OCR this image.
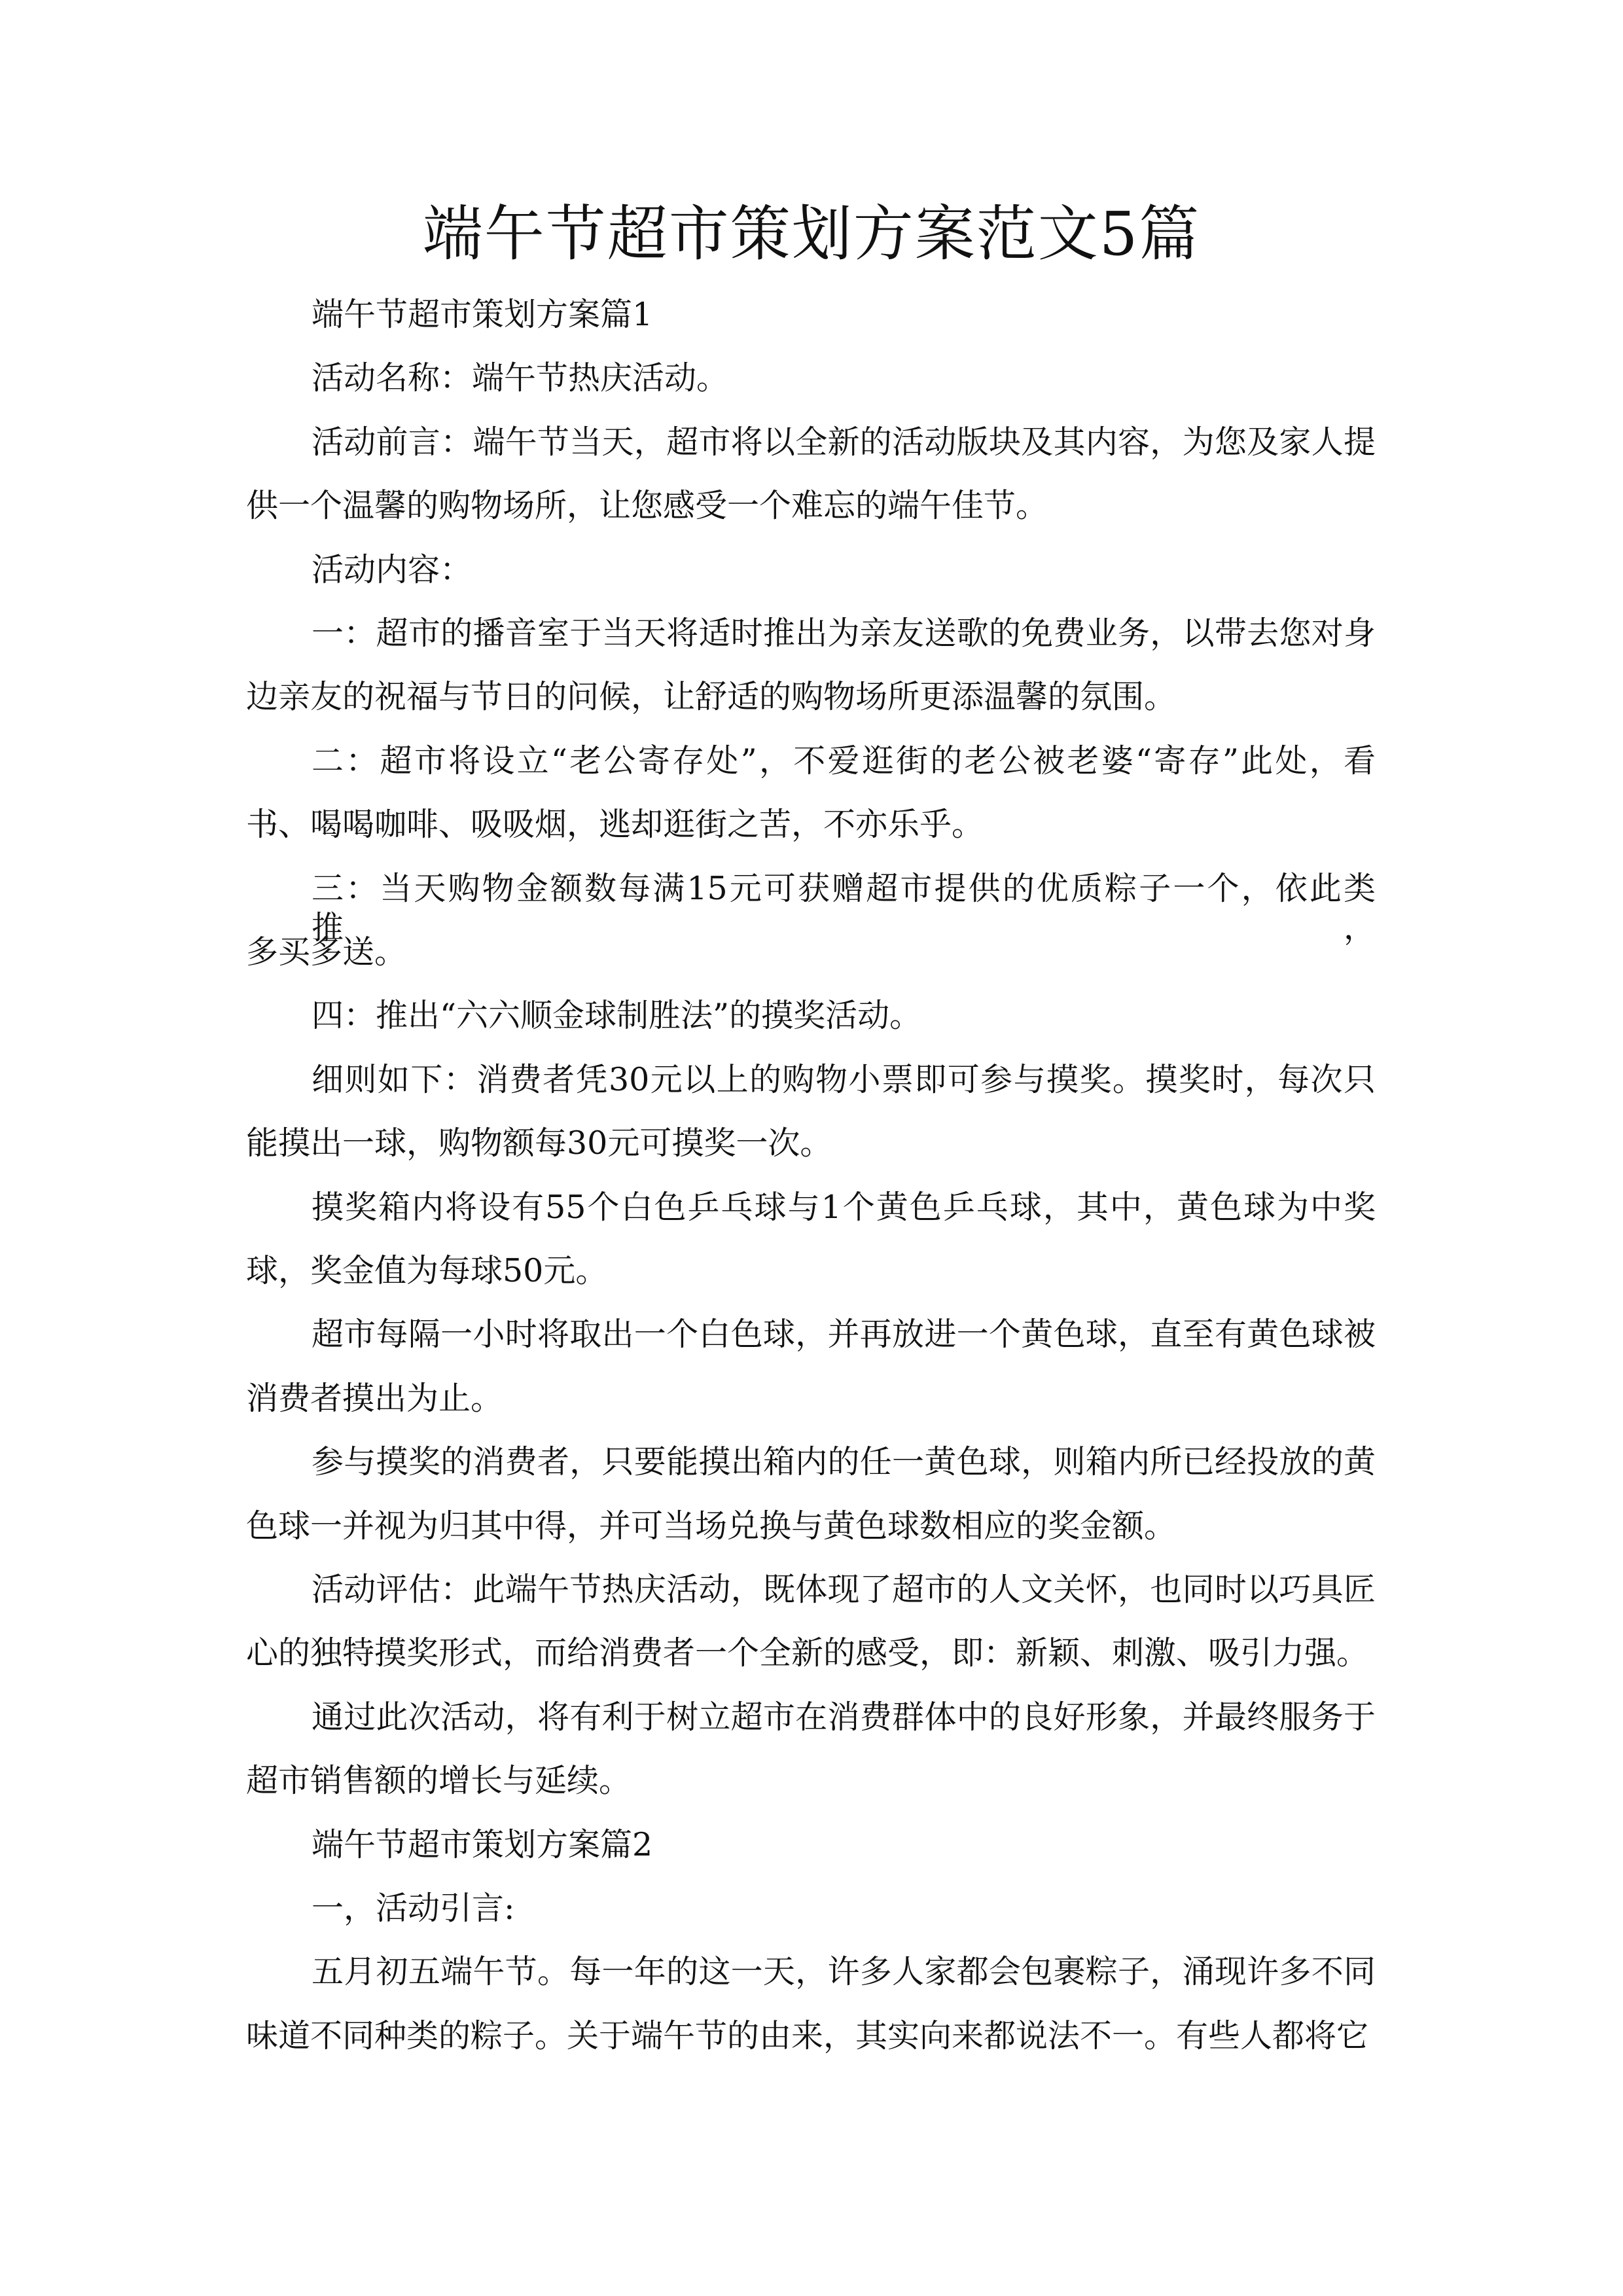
端午节超市策划方案范文5篇
端午节超市策划方案篇1
活动名称：端午节热庆活动。
活动前言：端午节当天，超市将以全新的活动版块及其内容，为您及家人提
供一个温馨的购物场所，让您感受一个难忘的端午佳节。
活动内容：
一：超市的播音室于当天将适时推出为亲友送歌的免费业务，以带去您对身
边亲友的祝福与节日的问候，让舒适的购物场所更添温馨的氛围。
二：超市将设立“老公寄存处”，不爱逛街的老公被老婆“寄存”此处，看
书、喝喝咖啡、吸吸烟，逃却逛街之苦，不亦乐乎。
三：当天购物金额数每满15元可获赠超市提供的优质粽子一个，依此类推，
多买多送。
四：推出“六六顺金球制胜法”的摸奖活动。
细则如下：消费者凭30元以上的购物小票即可参与摸奖。摸奖时，每次只
能摸出一球，购物额每30元可摸奖一次。
摸奖箱内将设有55个白色乒乓球与1个黄色乒乓球，其中，黄色球为中奖
球，奖金值为每球50元。
超市每隔一小时将取出一个白色球，并再放进一个黄色球，直至有黄色球被
消费者摸出为止。
参与摸奖的消费者，只要能摸出箱内的任一黄色球，则箱内所已经投放的黄
色球一并视为归其中得，并可当场兑换与黄色球数相应的奖金额。
活动评估：此端午节热庆活动，既体现了超市的人文关怀，也同时以巧具匠
心的独特摸奖形式，而给消费者一个全新的感受，即：新颖、刺激、吸引力强。
通过此次活动，将有利于树立超市在消费群体中的良好形象，并最终服务于
超市销售额的增长与延续。
端午节超市策划方案篇2
一，活动引言:
五月初五端午节。每一年的这一天，许多人家都会包裹粽子，涌现许多不同
味道不同种类的粽子。关于端午节的由来，其实向来都说法不一。有些人都将它
